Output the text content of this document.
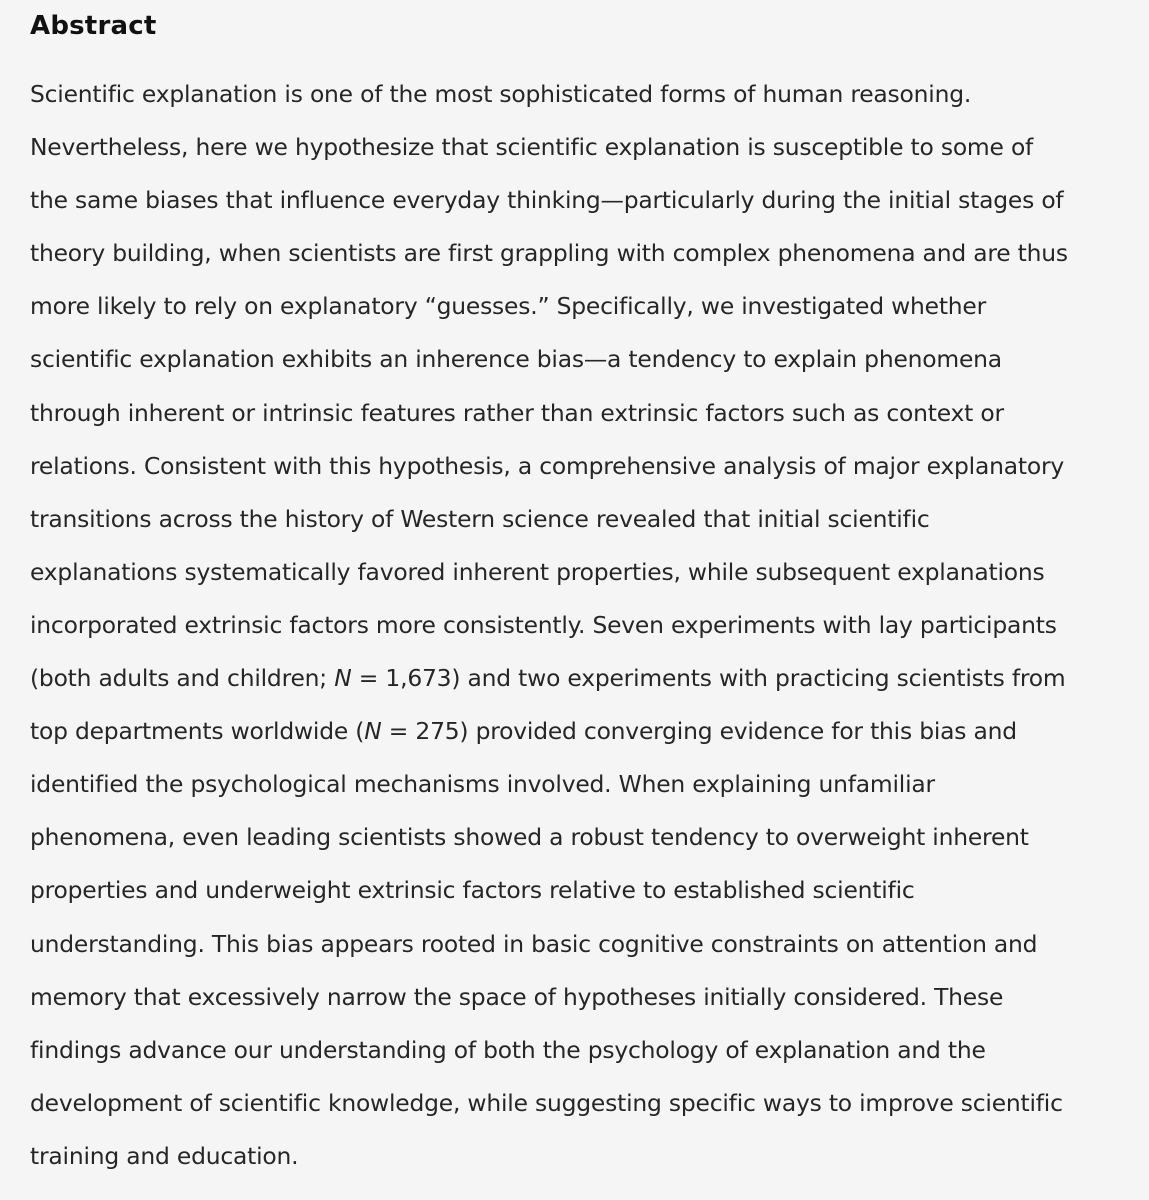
Abstract
Scientific explanation is one of the most sophisticated forms of human reasoning.
Nevertheless, here we hypothesize that scientific explanation is susceptible to some of
the same biases that influence everyday thinking—particularly during the initial stages of
theory building, when scientists are first grappling with complex phenomena and are thus
more likely to rely on explanatory “guesses.” Specifically, we investigated whether
scientific explanation exhibits an inherence bias—a tendency to explain phenomena
through inherent or intrinsic features rather than extrinsic factors such as context or
relations. Consistent with this hypothesis, a comprehensive analysis of major explanatory
transitions across the history of Western science revealed that initial scientific
explanations systematically favored inherent properties, while subsequent explanations
incorporated extrinsic factors more consistently. Seven experiments with lay participants
(both adults and children; N = 1,673) and two experiments with practicing scientists from
top departments worldwide (N = 275) provided converging evidence for this bias and
identified the psychological mechanisms involved. When explaining unfamiliar
phenomena, even leading scientists showed a robust tendency to overweight inherent
properties and underweight extrinsic factors relative to established scientific
understanding. This bias appears rooted in basic cognitive constraints on attention and
memory that excessively narrow the space of hypotheses initially considered. These
findings advance our understanding of both the psychology of explanation and the
development of scientific knowledge, while suggesting specific ways to improve scientific
training and education.
